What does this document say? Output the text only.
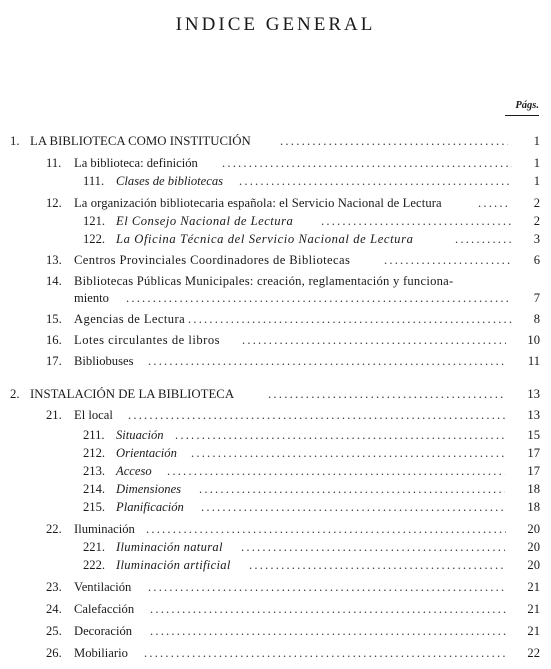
INDICE GENERAL
Págs.
1. LA BIBLIOTECA COMO INSTITUCIÓN .....	1
11. La biblioteca: definición .....	1
111. Clases de bibliotecas .....	1
12. La organización bibliotecaria española: el Servicio Nacional de Lectura .....	2
121. El Consejo Nacional de Lectura .....	2
122. La Oficina Técnica del Servicio Nacional de Lectura .....	3
13. Centros Provinciales Coordinadores de Bibliotecas .....	6
14. Bibliotecas Públicas Municipales: creación, reglamentación y funciona-
miento .....	7
15. Agencias de Lectura .....	8
16. Lotes circulantes de libros .....	10
17. Bibliobuses .....	11
2. INSTALACIÓN DE LA BIBLIOTECA .....	13
21. El local .....	13
211. Situación .....	15
212. Orientación .....	17
213. Acceso .....	17
214. Dimensiones .....	18
215. Planificación .....	18
22. Iluminación .....	20
221. Iluminación natural .....	20
222. Iluminación artificial .....	20
23. Ventilación .....	21
24. Calefacción .....	21
25. Decoración .....	21
26. Mobiliario .....	22
